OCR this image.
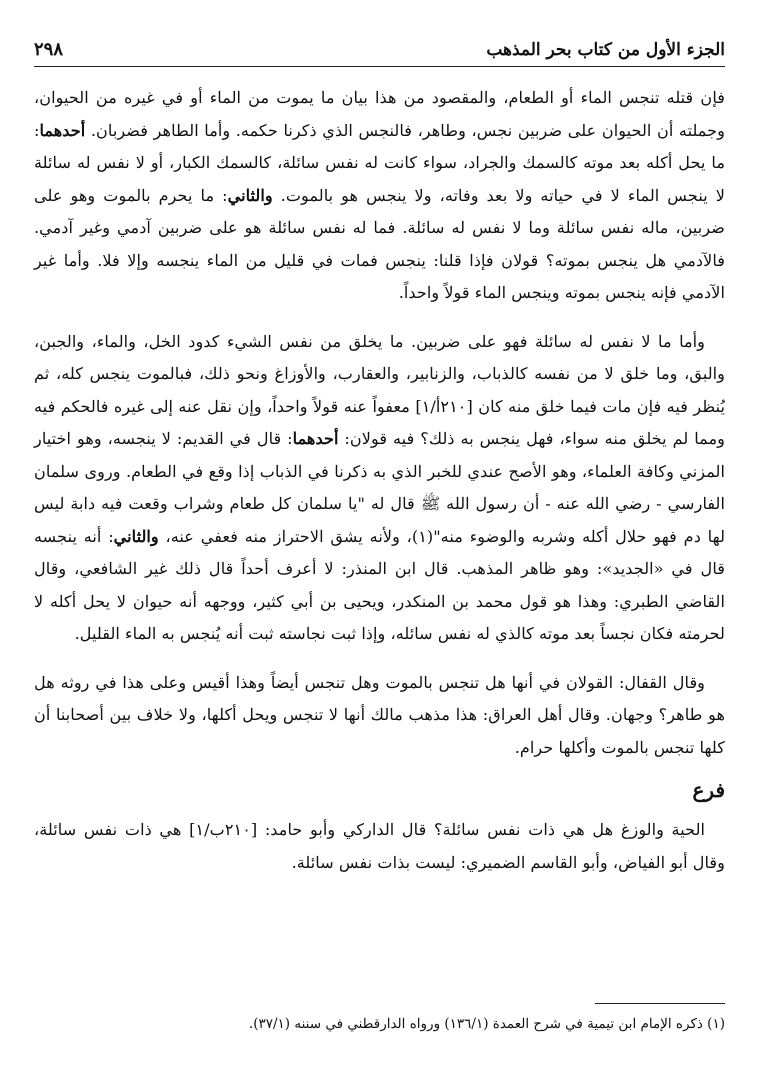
الجزء الأول من كتاب بحر المذهب
٢٩٨

فإن قتله تنجس الماء أو الطعام، والمقصود من هذا بيان ما يموت من الماء أو في غيره من الحيوان، وجملته أن الحيوان على ضربين نجس، وطاهر، فالنجس الذي ذكرنا حكمه. وأما الطاهر فضربان. أحدهما: ما يحل أكله بعد موته كالسمك والجراد، سواء كانت له نفس سائلة، كالسمك الكبار، أو لا نفس له سائلة لا ينجس الماء لا في حياته ولا بعد وفاته، ولا ينجس هو بالموت. والثاني: ما يحرم بالموت وهو على ضربين، ماله نفس سائلة وما لا نفس له سائلة. فما له نفس سائلة هو على ضربين آدمي وغير آدمي. فالآدمي هل ينجس بموته؟ قولان فإذا قلنا: ينجس فمات في قليل من الماء ينجسه وإلا فلا. وأما غير الآدمي فإنه ينجس بموته وينجس الماء قولاً واحداً.

وأما ما لا نفس له سائلة فهو على ضربين. ما يخلق من نفس الشيء كدود الخل، والماء، والجبن، والبق، وما خلق لا من نفسه كالذباب، والزنابير، والعقارب، والأوزاغ ونحو ذلك، فبالموت ينجس كله، ثم يُنظر فيه فإن مات فيما خلق منه كان [٢١٠أ/١] معفواً عنه قولاً واحداً، وإن نقل عنه إلى غيره فالحكم فيه ومما لم يخلق منه سواء، فهل ينجس به ذلك؟ فيه قولان: أحدهما: قال في القديم: لا ينجسه، وهو اختيار المزني وكافة العلماء، وهو الأصح عندي للخبر الذي به ذكرنا في الذباب إذا وقع في الطعام. وروى سلمان الفارسي - رضي الله عنه - أن رسول الله ﷺ قال له "يا سلمان كل طعام وشراب وقعت فيه دابة ليس لها دم فهو حلال أكله وشربه والوضوء منه"(١)، ولأنه يشق الاحتراز منه فعفي عنه، والثاني: أنه ينجسه قال في «الجديد»: وهو ظاهر المذهب. قال ابن المنذر: لا أعرف أحداً قال ذلك غير الشافعي، وقال القاضي الطبري: وهذا هو قول محمد بن المنكدر، ويحيى بن أبي كثير، ووجهه أنه حيوان لا يحل أكله لا لحرمته فكان نجساً بعد موته كالذي له نفس سائله، وإذا ثبت نجاسته ثبت أنه يُنجس به الماء القليل.

وقال القفال: القولان في أنها هل تنجس بالموت وهل تنجس أيضاً وهذا أقيس وعلى هذا في روثه هل هو طاهر؟ وجهان. وقال أهل العراق: هذا مذهب مالك أنها لا تنجس ويحل أكلها، ولا خلاف بين أصحابنا أن كلها تنجس بالموت وأكلها حرام.

فرع

الحية والوزغ هل هي ذات نفس سائلة؟ قال الداركي وأبو حامد: [٢١٠ب/١] هي ذات نفس سائلة، وقال أبو الفياض، وأبو القاسم الضميري: ليست بذات نفس سائلة.

(١) ذكره الإمام ابن تيمية في شرح العمدة (١٣٦/١) ورواه الدارقطني في سننه (٣٧/١).
